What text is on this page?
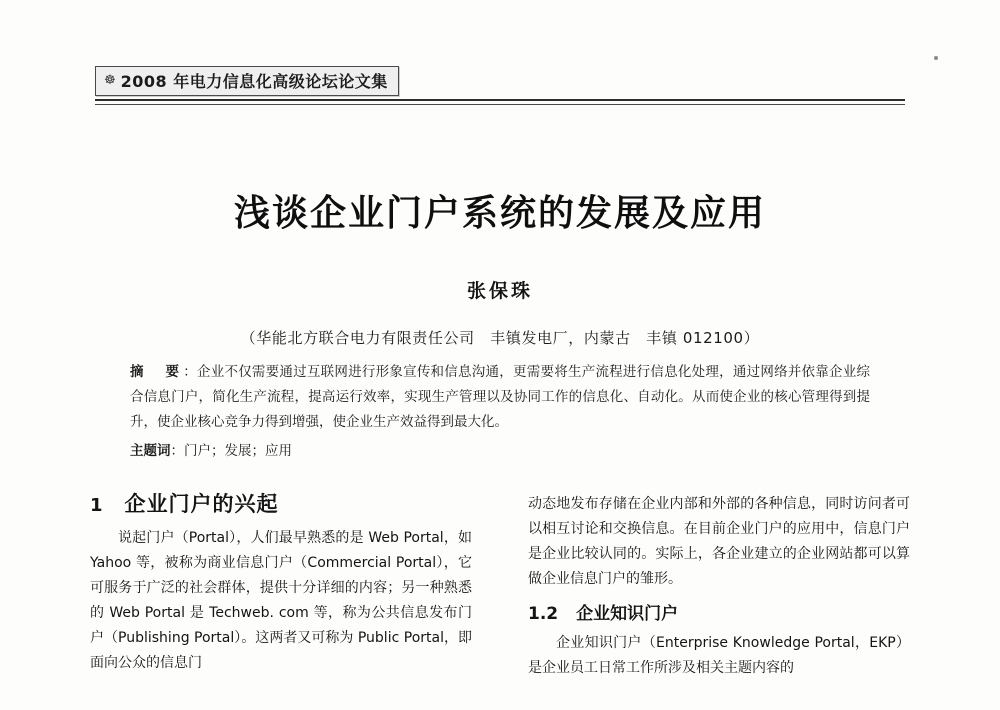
☸ 2008 年电力信息化高级论坛论文集
浅谈企业门户系统的发展及应用
张保珠
（华能北方联合电力有限责任公司　丰镇发电厂，内蒙古　丰镇 012100）
摘　要：企业不仅需要通过互联网进行形象宣传和信息沟通，更需要将生产流程进行信息化处理，通过网络并依靠企业综合信息门户，简化生产流程，提高运行效率，实现生产管理以及协同工作的信息化、自动化。从而使企业的核心管理得到提升，使企业核心竞争力得到增强，使企业生产效益得到最大化。
主题词：门户；发展；应用
1 企业门户的兴起

说起门户（Portal），人们最早熟悉的是 Web Portal，如 Yahoo 等，被称为商业信息门户（Commercial Portal），它可服务于广泛的社会群体，提供十分详细的内容；另一种熟悉的 Web Portal 是 Techweb. com 等，称为公共信息发布门户（Publishing Portal）。这两者又可称为 Public Portal，即面向公众的信息门

动态地发布存储在企业内部和外部的各种信息，同时访问者可以相互讨论和交换信息。在目前企业门户的应用中，信息门户是企业比较认同的。实际上，各企业建立的企业网站都可以算做企业信息门户的雏形。

1.2 企业知识门户

企业知识门户（Enterprise Knowledge Portal，EKP）是企业员工日常工作所涉及相关主题内容的
